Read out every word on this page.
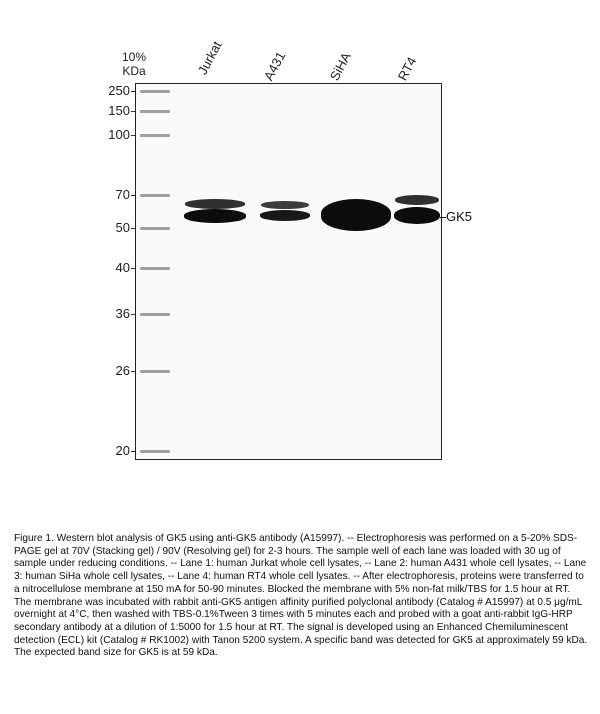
10%
KDa	Jurkat	A431	SiHA	RT4
250
150
100
70
50
40
36
26
20
GK5

Figure 1. Western blot analysis of GK5 using anti-GK5 antibody (A15997). -- Electrophoresis was performed on a 5-20% SDS-PAGE gel at 70V (Stacking gel) / 90V (Resolving gel) for 2-3 hours. The sample well of each lane was loaded with 30 ug of sample under reducing conditions. -- Lane 1: human Jurkat whole cell lysates, -- Lane 2: human A431 whole cell lysates, -- Lane 3: human SiHa whole cell lysates, -- Lane 4: human RT4 whole cell lysates. -- After electrophoresis, proteins were transferred to a nitrocellulose membrane at 150 mA for 50-90 minutes. Blocked the membrane with 5% non-fat milk/TBS for 1.5 hour at RT. The membrane was incubated with rabbit anti-GK5 antigen affinity purified polyclonal antibody (Catalog # A15997) at 0.5 μg/mL overnight at 4°C, then washed with TBS-0.1%Tween 3 times with 5 minutes each and probed with a goat anti-rabbit IgG-HRP secondary antibody at a dilution of 1:5000 for 1.5 hour at RT. The signal is developed using an Enhanced Chemiluminescent detection (ECL) kit (Catalog # RK1002) with Tanon 5200 system. A specific band was detected for GK5 at approximately 59 kDa. The expected band size for GK5 is at 59 kDa.
